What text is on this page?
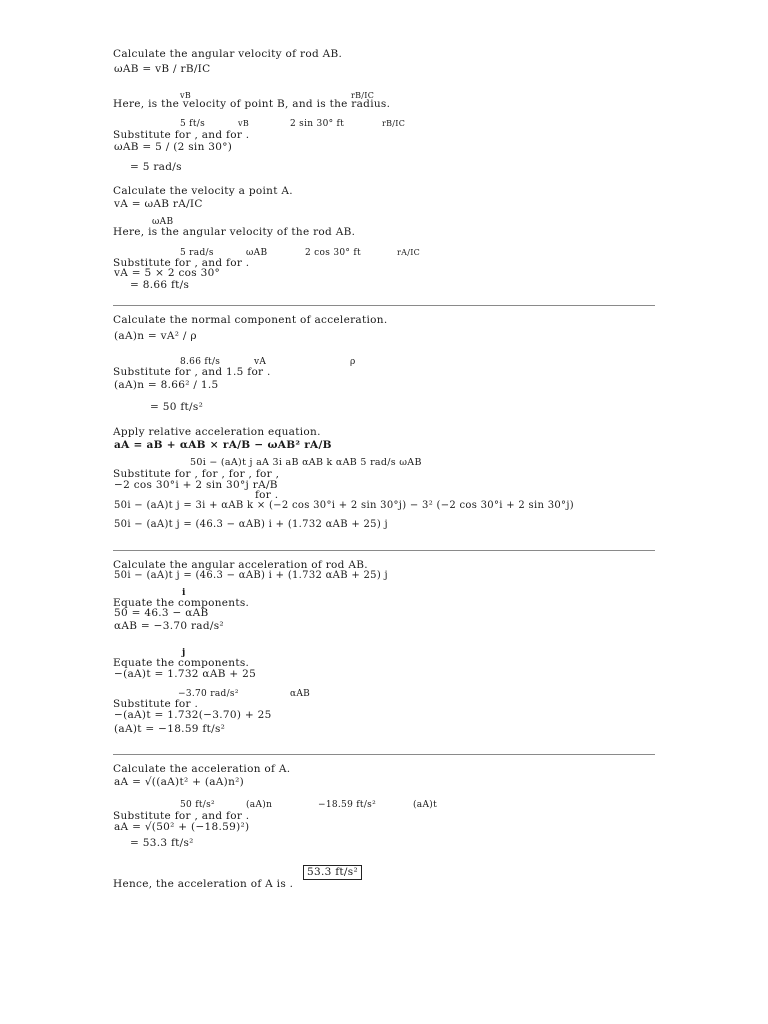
Calculate the angular velocity of rod AB.
ωAB = vB / rB/IC
vB	rB/IC
Here, is the velocity of point B, and is the radius.
5 ft/s	vB	2 sin 30° ft	rB/IC
Substitute for , and for .
ωAB = 5 / (2 sin 30°)
= 5 rad/s
Calculate the velocity a point A.
vA = ωAB rA/IC
ωAB
Here, is the angular velocity of the rod AB.
5 rad/s	ωAB	2 cos 30° ft	rA/IC
Substitute for , and for .
vA = 5 × 2 cos 30°
= 8.66 ft/s
Calculate the normal component of acceleration.
(aA)n = vA² / ρ
8.66 ft/s	vA	ρ
Substitute for , and 1.5 for .
(aA)n = 8.66² / 1.5
= 50 ft/s²
Apply relative acceleration equation.
aA = aB + αAB × rA/B − ωAB² rA/B
50i − (aA)t j aA 3i aB αAB k αAB 5 rad/s ωAB
Substitute for , for , for , for ,
−2 cos 30°i + 2 sin 30°j rA/B
for .
50i − (aA)t j = 3i + αAB k × (−2 cos 30°i + 2 sin 30°j) − 3² (−2 cos 30°i + 2 sin 30°j)
50i − (aA)t j = (46.3 − αAB) i + (1.732 αAB + 25) j
Calculate the angular acceleration of rod AB.
50i − (aA)t j = (46.3 − αAB) i + (1.732 αAB + 25) j
i
Equate the components.
50 = 46.3 − αAB
αAB = −3.70 rad/s²
j
Equate the components.
−(aA)t = 1.732 αAB + 25
−3.70 rad/s²	αAB
Substitute for .
−(aA)t = 1.732(−3.70) + 25
(aA)t = −18.59 ft/s²
Calculate the acceleration of A.
aA = √((aA)t² + (aA)n²)
50 ft/s²	(aA)n	−18.59 ft/s²	(aA)t
Substitute for , and for .
aA = √(50² + (−18.59)²)
= 53.3 ft/s²
53.3 ft/s²
Hence, the acceleration of A is .
